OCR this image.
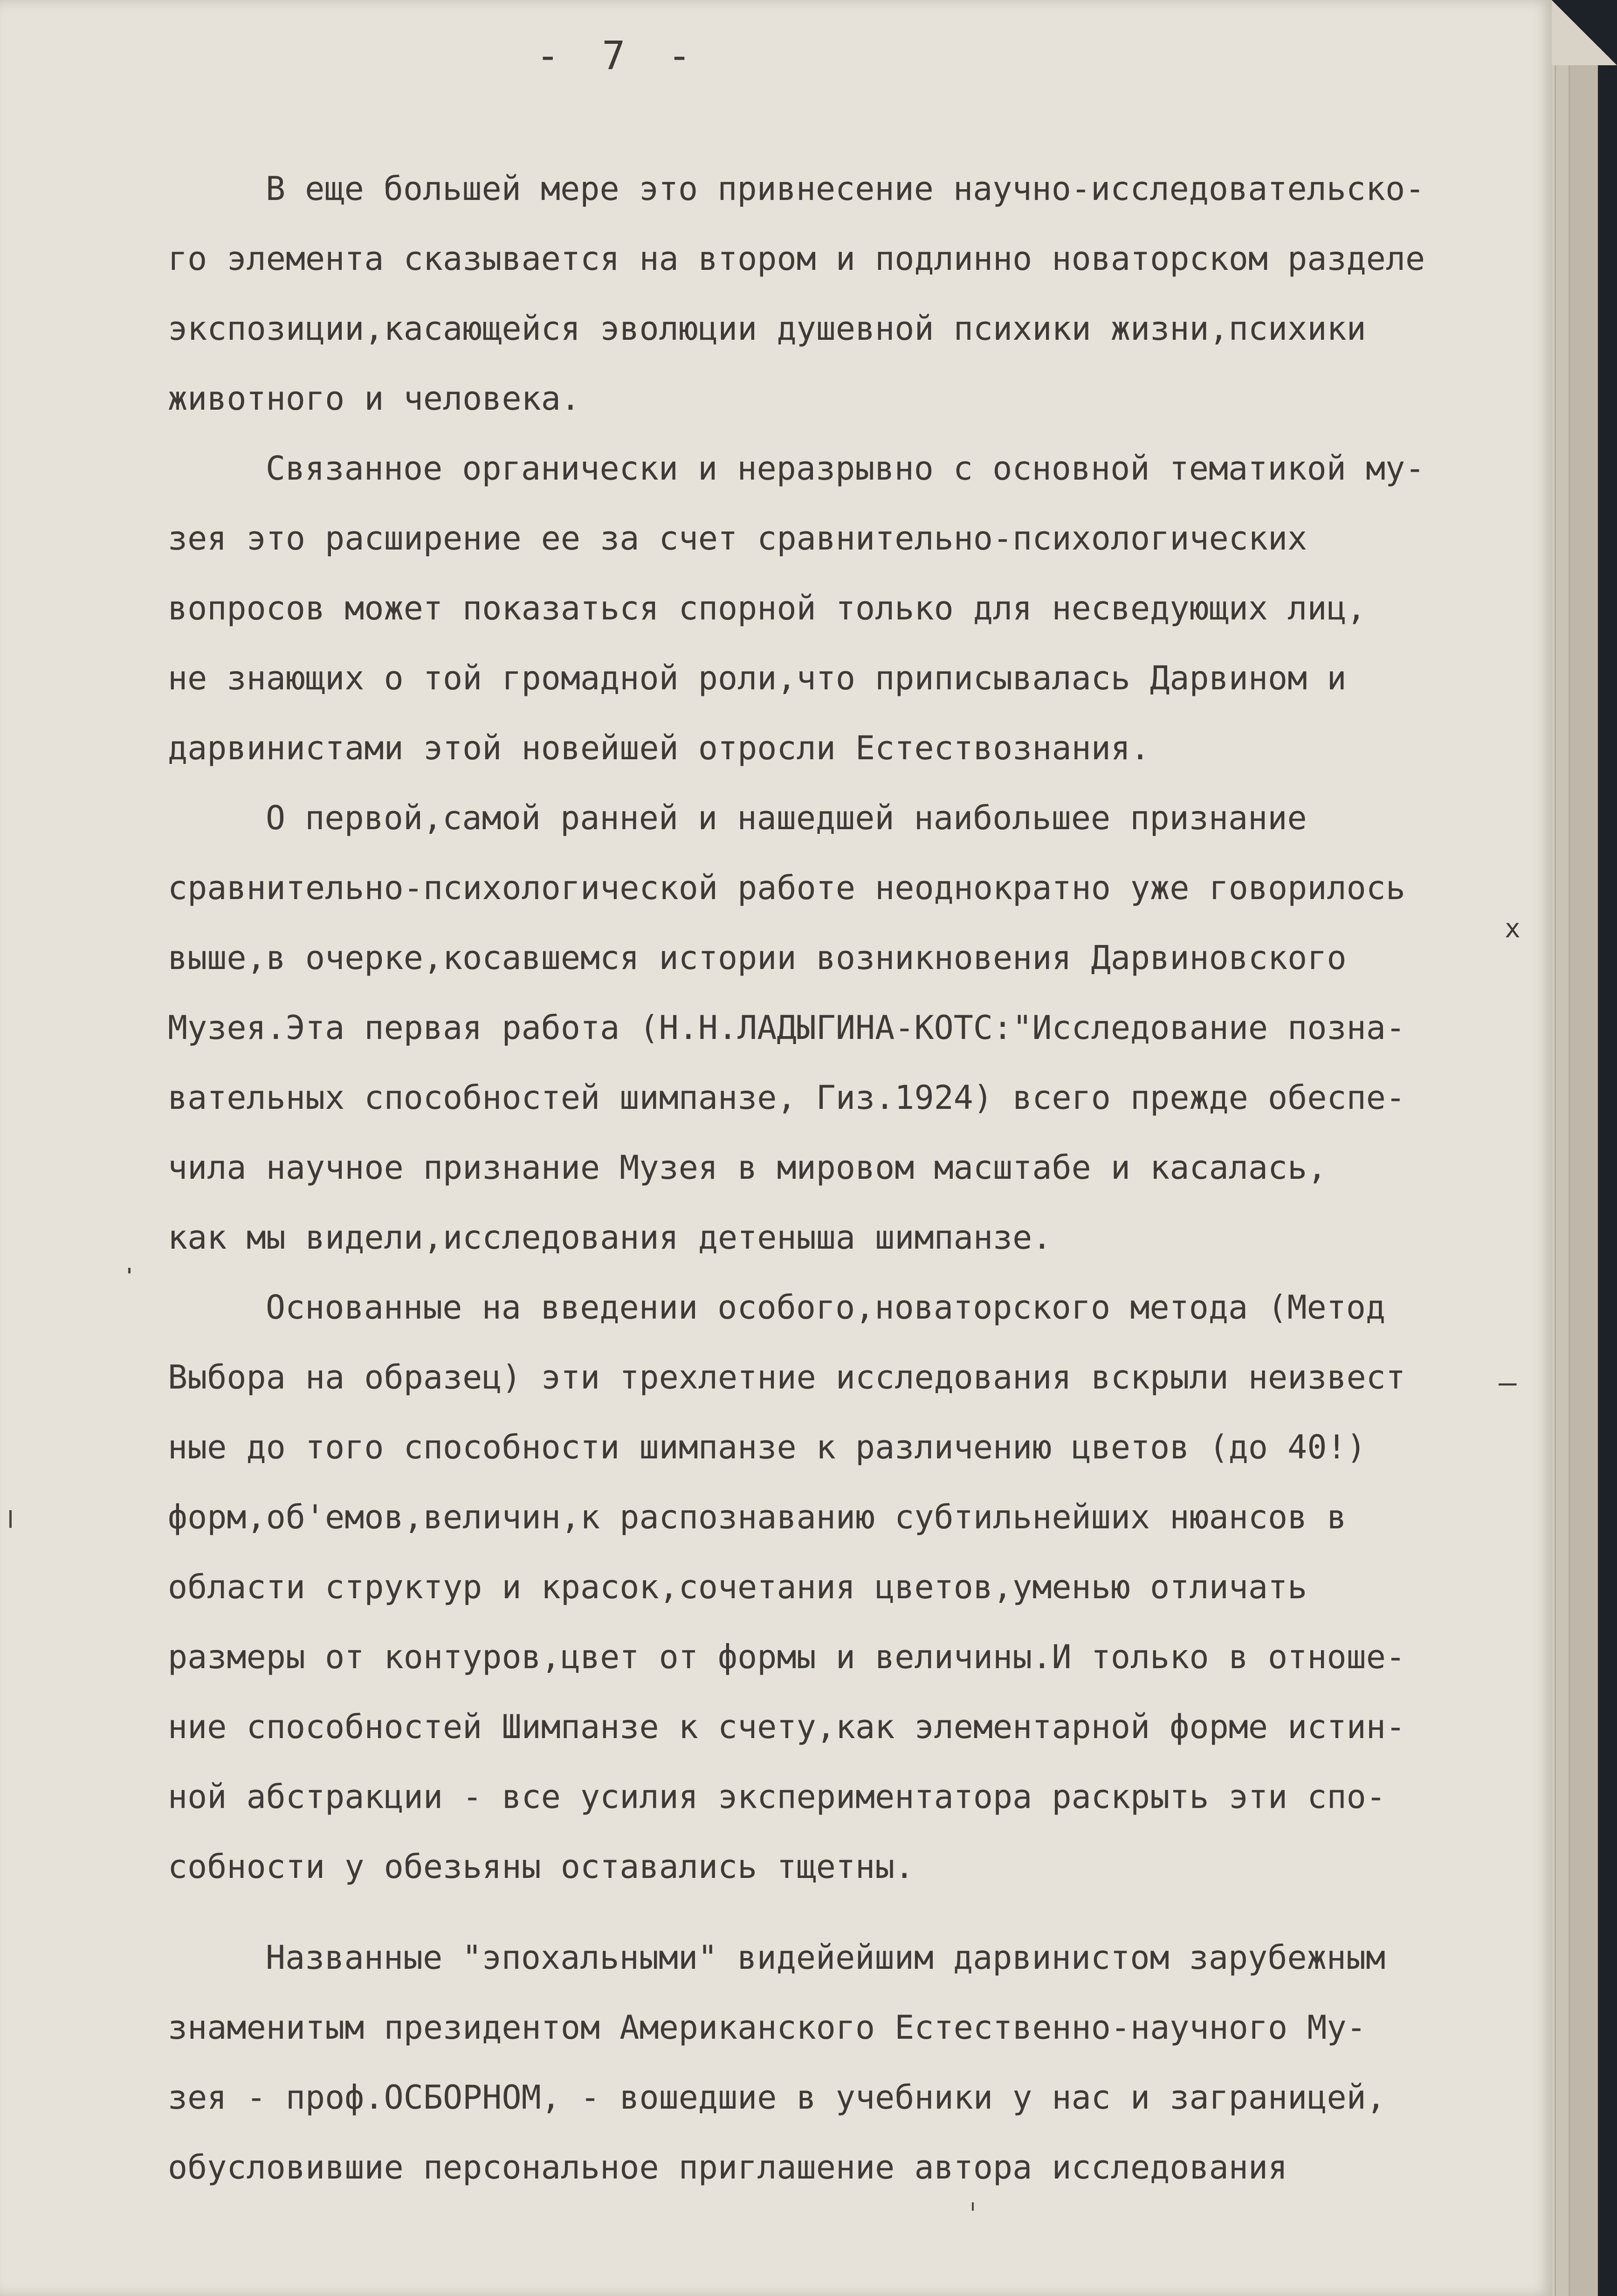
- 7 -
В еще большей мере это привнесение научно-исследовательско-
го элемента сказывается на втором и подлинно новаторском разделе
экспозиции,касающейся эволюции душевной психики жизни,психики
животного и человека.
Связанное органически и неразрывно с основной тематикой му-
зея это расширение ее за счет сравнительно-психологических
вопросов может показаться спорной только для несведующих лиц,
не знающих о той громадной роли,что приписывалась Дарвином и
дарвинистами этой новейшей отросли Естествознания.
О первой,самой ранней и нашедшей наибольшее признание
сравнительно-психологической работе неоднократно уже говорилось
выше,в очерке,косавшемся истории возникновения Дарвиновского
Музея.Эта первая работа (Н.Н.ЛАДЫГИНА-КОТС:"Исследование позна-
вательных способностей шимпанзе, Гиз.1924) всего прежде обеспе-
чила научное признание Музея в мировом масштабе и касалась,
как мы видели,исследования детеныша шимпанзе.
Основанные на введении особого,новаторского метода (Метод
Выбора на образец) эти трехлетние исследования вскрыли неизвест
ные до того способности шимпанзе к различению цветов (до 40!)
форм,об'емов,величин,к распознаванию субтильнейших нюансов в
области структур и красок,сочетания цветов,уменью отличать
размеры от контуров,цвет от формы и величины.И только в отноше-
ние способностей Шимпанзе к счету,как элементарной форме истин-
ной абстракции - все усилия экспериментатора раскрыть эти спо-
собности у обезьяны оставались тщетны.
Названные "эпохальными" видейейшим дарвинистом зарубежным
знаменитым президентом Американского Естественно-научного Му-
зея - проф.ОСБОРНОМ, - вошедшие в учебники у нас и заграницей,
обусловившие персональное приглашение автора исследования
x
–
